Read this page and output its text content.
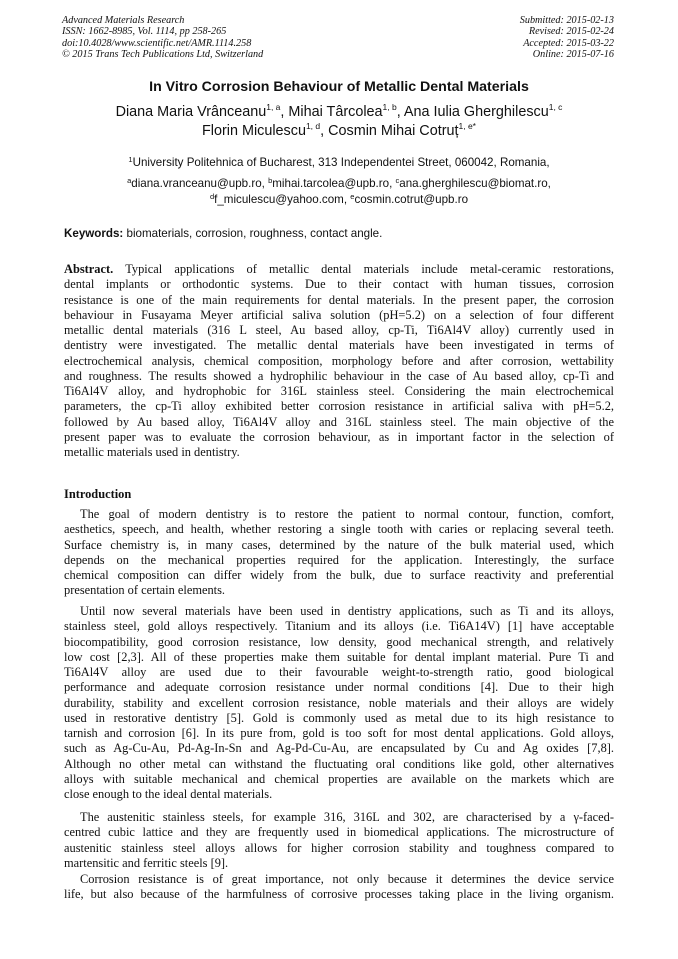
Advanced Materials Research
ISSN: 1662-8985, Vol. 1114, pp 258-265
doi:10.4028/www.scientific.net/AMR.1114.258
© 2015 Trans Tech Publications Ltd, Switzerland
Submitted: 2015-02-13
Revised: 2015-02-24
Accepted: 2015-03-22
Online: 2015-07-16
In Vitro Corrosion Behaviour of Metallic Dental Materials
Diana Maria Vrânceanu$^{1, a}$, Mihai Târcolea$^{1, b}$, Ana Iulia Gherghilescu$^{1, c}$
Florin Miculescu$^{1, d}$, Cosmin Mihai Cotruț$^{1, e*}$
$^1$University Politehnica of Bucharest, 313 Independentei Street, 060042, Romania,
$^a$diana.vranceanu@upb.ro, $^b$mihai.tarcolea@upb.ro, $^c$ana.gherghilescu@biomat.ro,
$^d$f_miculescu@yahoo.com, $^e$cosmin.cotrut@upb.ro
Keywords: biomaterials, corrosion, roughness, contact angle.
Abstract. Typical applications of metallic dental materials include metal-ceramic restorations,
dental implants or orthodontic systems. Due to their contact with human tissues, corrosion
resistance is one of the main requirements for dental materials. In the present paper, the corrosion
behaviour in Fusayama Meyer artificial saliva solution (pH=5.2) on a selection of four different
metallic dental materials (316 L steel, Au based alloy, cp-Ti, Ti6Al4V alloy) currently used in
dentistry were investigated. The metallic dental materials have been investigated in terms of
electrochemical analysis, chemical composition, morphology before and after corrosion, wettability
and roughness. The results showed a hydrophilic behaviour in the case of Au based alloy, cp-Ti and
Ti6Al4V alloy, and hydrophobic for 316L stainless steel. Considering the main electrochemical
parameters, the cp-Ti alloy exhibited better corrosion resistance in artificial saliva with pH=5.2,
followed by Au based alloy, Ti6Al4V alloy and 316L stainless steel. The main objective of the
present paper was to evaluate the corrosion behaviour, as in important factor in the selection of
metallic materials used in dentistry.
Introduction
The goal of modern dentistry is to restore the patient to normal contour, function, comfort,
aesthetics, speech, and health, whether restoring a single tooth with caries or replacing several teeth.
Surface chemistry is, in many cases, determined by the nature of the bulk material used, which
depends on the mechanical properties required for the application. Interestingly, the surface
chemical composition can differ widely from the bulk, due to surface reactivity and preferential
presentation of certain elements.
Until now several materials have been used in dentistry applications, such as Ti and its alloys,
stainless steel, gold alloys respectively. Titanium and its alloys (i.e. Ti6A14V) [1] have acceptable
biocompatibility, good corrosion resistance, low density, good mechanical strength, and relatively
low cost [2,3]. All of these properties make them suitable for dental implant material. Pure Ti and
Ti6Al4V alloy are used due to their favourable weight-to-strength ratio, good biological
performance and adequate corrosion resistance under normal conditions [4]. Due to their high
durability, stability and excellent corrosion resistance, noble materials and their alloys are widely
used in restorative dentistry [5]. Gold is commonly used as metal due to its high resistance to
tarnish and corrosion [6]. In its pure from, gold is too soft for most dental applications. Gold alloys,
such as Ag-Cu-Au, Pd-Ag-In-Sn and Ag-Pd-Cu-Au, are encapsulated by Cu and Ag oxides [7,8].
Although no other metal can withstand the fluctuating oral conditions like gold, other alternatives
alloys with suitable mechanical and chemical properties are available on the markets which are
close enough to the ideal dental materials.
The austenitic stainless steels, for example 316, 316L and 302, are characterised by a γ-faced-
centred cubic lattice and they are frequently used in biomedical applications. The microstructure of
austenitic stainless steel alloys allows for higher corrosion stability and toughness compared to
martensitic and ferritic steels [9].
Corrosion resistance is of great importance, not only because it determines the device service
life, but also because of the harmfulness of corrosive processes taking place in the living organism.
